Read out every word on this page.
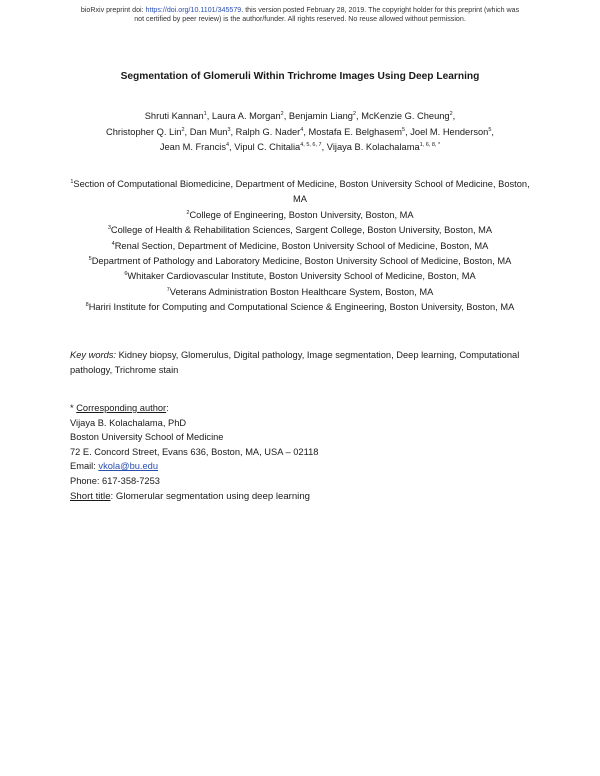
bioRxiv preprint doi: https://doi.org/10.1101/345579. this version posted February 28, 2019. The copyright holder for this preprint (which was
not certified by peer review) is the author/funder. All rights reserved. No reuse allowed without permission.
Segmentation of Glomeruli Within Trichrome Images Using Deep Learning
Shruti Kannan$^1$, Laura A. Morgan$^2$, Benjamin Liang$^2$, McKenzie G. Cheung$^2$,
Christopher Q. Lin$^2$, Dan Mun$^3$, Ralph G. Nader$^4$, Mostafa E. Belghasem$^5$, Joel M. Henderson$^5$,
Jean M. Francis$^4$, Vipul C. Chitalia$^{4, 5, 6, 7}$, Vijaya B. Kolachalama$^{1, 6, 8, *}$
$^1$Section of Computational Biomedicine, Department of Medicine, Boston University School of Medicine, Boston, MA
$^2$College of Engineering, Boston University, Boston, MA
$^3$College of Health & Rehabilitation Sciences, Sargent College, Boston University, Boston, MA
$^4$Renal Section, Department of Medicine, Boston University School of Medicine, Boston, MA
$^5$Department of Pathology and Laboratory Medicine, Boston University School of Medicine, Boston, MA
$^6$Whitaker Cardiovascular Institute, Boston University School of Medicine, Boston, MA
$^7$Veterans Administration Boston Healthcare System, Boston, MA
$^8$Hariri Institute for Computing and Computational Science & Engineering, Boston University, Boston, MA
Key words: Kidney biopsy, Glomerulus, Digital pathology, Image segmentation, Deep learning, Computational pathology, Trichrome stain
* Corresponding author:
Vijaya B. Kolachalama, PhD
Boston University School of Medicine
72 E. Concord Street, Evans 636, Boston, MA, USA – 02118
Email: vkola@bu.edu
Phone: 617-358-7253
Short title: Glomerular segmentation using deep learning
